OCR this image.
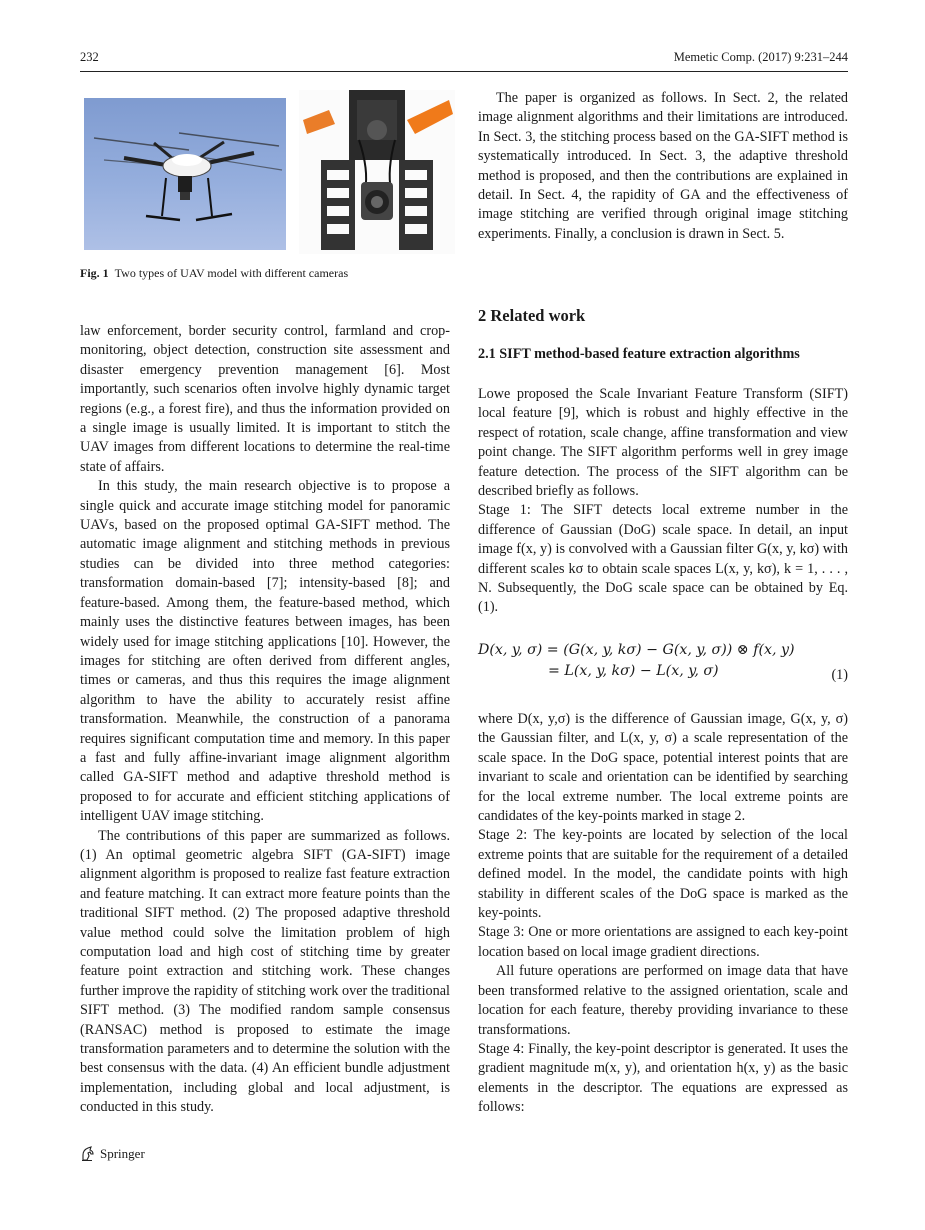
232	Memetic Comp. (2017) 9:231–244
Fig. 1 Two types of UAV model with different cameras

law enforcement, border security control, farmland and crop-monitoring, object detection, construction site assessment and disaster emergency prevention management [6]. Most importantly, such scenarios often involve highly dynamic target regions (e.g., a forest fire), and thus the information provided on a single image is usually limited. It is important to stitch the UAV images from different locations to determine the real-time state of affairs.

In this study, the main research objective is to propose a single quick and accurate image stitching model for panoramic UAVs, based on the proposed optimal GA-SIFT method. The automatic image alignment and stitching methods in previous studies can be divided into three method categories: transformation domain-based [7]; intensity-based [8]; and feature-based. Among them, the feature-based method, which mainly uses the distinctive features between images, has been widely used for image stitching applications [10]. However, the images for stitching are often derived from different angles, times or cameras, and thus this requires the image alignment algorithm to have the ability to accurately resist affine transformation. Meanwhile, the construction of a panorama requires significant computation time and memory. In this paper a fast and fully affine-invariant image alignment algorithm called GA-SIFT method and adaptive threshold method is proposed to for accurate and efficient stitching applications of intelligent UAV image stitching.

The contributions of this paper are summarized as follows. (1) An optimal geometric algebra SIFT (GA-SIFT) image alignment algorithm is proposed to realize fast feature extraction and feature matching. It can extract more feature points than the traditional SIFT method. (2) The proposed adaptive threshold value method could solve the limitation problem of high computation load and high cost of stitching time by greater feature point extraction and stitching work. These changes further improve the rapidity of stitching work over the traditional SIFT method. (3) The modified random sample consensus (RANSAC) method is proposed to estimate the image transformation parameters and to determine the solution with the best consensus with the data. (4) An efficient bundle adjustment implementation, including global and local adjustment, is conducted in this study.

The paper is organized as follows. In Sect. 2, the related image alignment algorithms and their limitations are introduced. In Sect. 3, the stitching process based on the GA-SIFT method is systematically introduced. In Sect. 3, the adaptive threshold method is proposed, and then the contributions are explained in detail. In Sect. 4, the rapidity of GA and the effectiveness of image stitching are verified through original image stitching experiments. Finally, a conclusion is drawn in Sect. 5.

2 Related work
2.1 SIFT method-based feature extraction algorithms

Lowe proposed the Scale Invariant Feature Transform (SIFT) local feature [9], which is robust and highly effective in the respect of rotation, scale change, affine transformation and view point change. The SIFT algorithm performs well in grey image feature detection. The process of the SIFT algorithm can be described briefly as follows.

Stage 1: The SIFT detects local extreme number in the difference of Gaussian (DoG) scale space. In detail, an input image f(x, y) is convolved with a Gaussian filter G(x, y, kσ) with different scales kσ to obtain scale spaces L(x, y, kσ), k = 1, . . . , N. Subsequently, the DoG scale space can be obtained by Eq. (1).

D(x, y, σ) = (G(x, y, kσ) − G(x, y, σ)) ⊗ f(x, y)
= L(x, y, kσ) − L(x, y, σ)	(1)

where D(x, y,σ) is the difference of Gaussian image, G(x, y, σ) the Gaussian filter, and L(x, y, σ) a scale representation of the scale space. In the DoG space, potential interest points that are invariant to scale and orientation can be identified by searching for the local extreme number. The local extreme points are candidates of the key-points marked in stage 2.

Stage 2: The key-points are located by selection of the local extreme points that are suitable for the requirement of a detailed defined model. In the model, the candidate points with high stability in different scales of the DoG space is marked as the key-points.

Stage 3: One or more orientations are assigned to each key-point location based on local image gradient directions.

All future operations are performed on image data that have been transformed relative to the assigned orientation, scale and location for each feature, thereby providing invariance to these transformations.

Stage 4: Finally, the key-point descriptor is generated. It uses the gradient magnitude m(x, y), and orientation h(x, y) as the basic elements in the descriptor. The equations are expressed as follows:

Springer
